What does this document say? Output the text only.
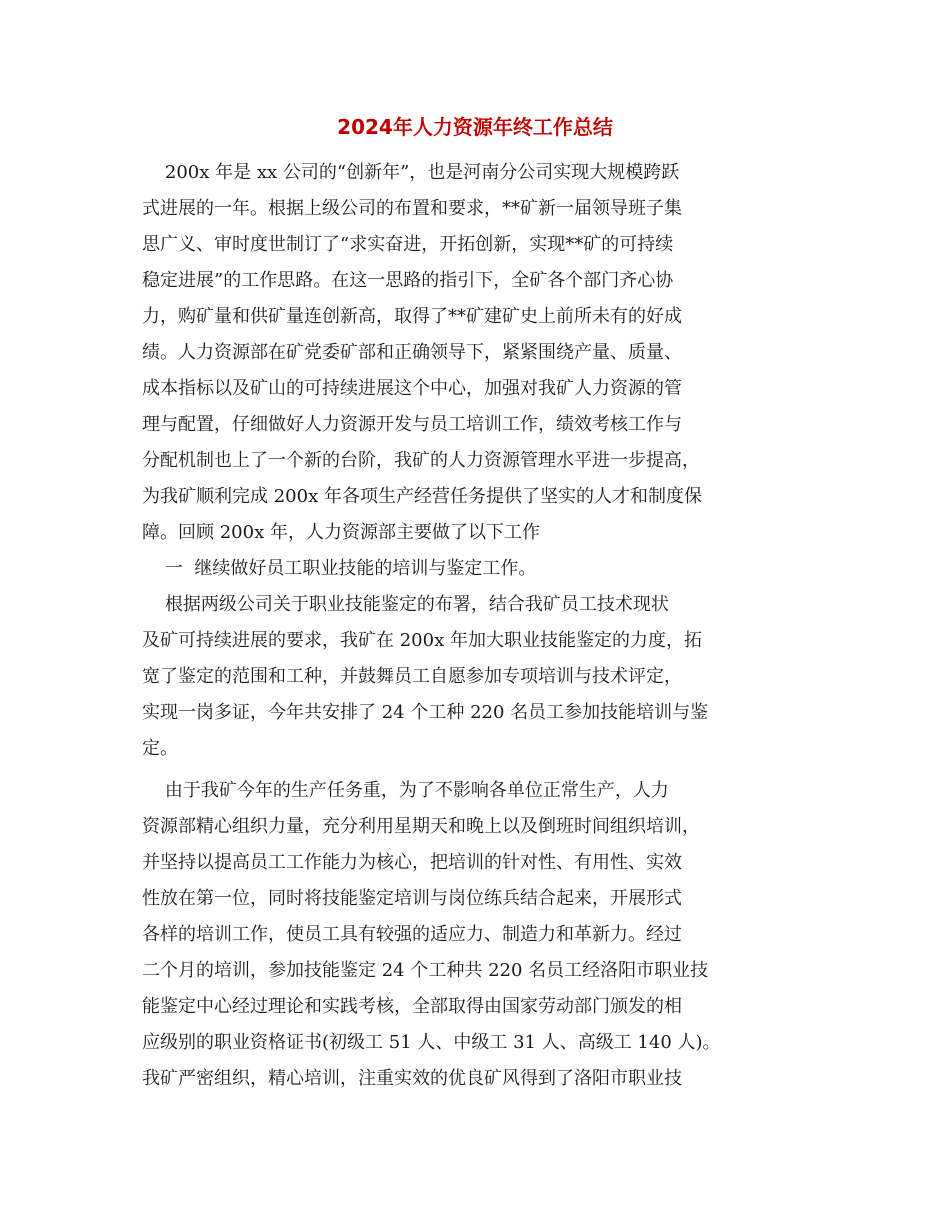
2024年人力资源年终工作总结
200x 年是 xx 公司的“创新年”，也是河南分公司实现大规模跨跃
式进展的一年。根据上级公司的布置和要求，**矿新一届领导班子集
思广义、审时度世制订了“求实奋进，开拓创新，实现**矿的可持续
稳定进展”的工作思路。在这一思路的指引下，全矿各个部门齐心协
力，购矿量和供矿量连创新高，取得了**矿建矿史上前所未有的好成
绩。人力资源部在矿党委矿部和正确领导下，紧紧围绕产量、质量、
成本指标以及矿山的可持续进展这个中心，加强对我矿人力资源的管
理与配置，仔细做好人力资源开发与员工培训工作，绩效考核工作与
分配机制也上了一个新的台阶，我矿的人力资源管理水平进一步提高，
为我矿顺利完成 200x 年各项生产经营任务提供了坚实的人才和制度保
障。回顾 200x 年，人力资源部主要做了以下工作
一  继续做好员工职业技能的培训与鉴定工作。
根据两级公司关于职业技能鉴定的布署，结合我矿员工技术现状
及矿可持续进展的要求，我矿在 200x 年加大职业技能鉴定的力度，拓
宽了鉴定的范围和工种，并鼓舞员工自愿参加专项培训与技术评定，
实现一岗多证，今年共安排了 24 个工种 220 名员工参加技能培训与鉴
定。
由于我矿今年的生产任务重，为了不影响各单位正常生产，人力
资源部精心组织力量，充分利用星期天和晚上以及倒班时间组织培训，
并坚持以提高员工工作能力为核心，把培训的针对性、有用性、实效
性放在第一位，同时将技能鉴定培训与岗位练兵结合起来，开展形式
各样的培训工作，使员工具有较强的适应力、制造力和革新力。经过
二个月的培训，参加技能鉴定 24 个工种共 220 名员工经洛阳市职业技
能鉴定中心经过理论和实践考核，全部取得由国家劳动部门颁发的相
应级别的职业资格证书(初级工 51 人、中级工 31 人、高级工 140 人)。
我矿严密组织，精心培训，注重实效的优良矿风得到了洛阳市职业技
